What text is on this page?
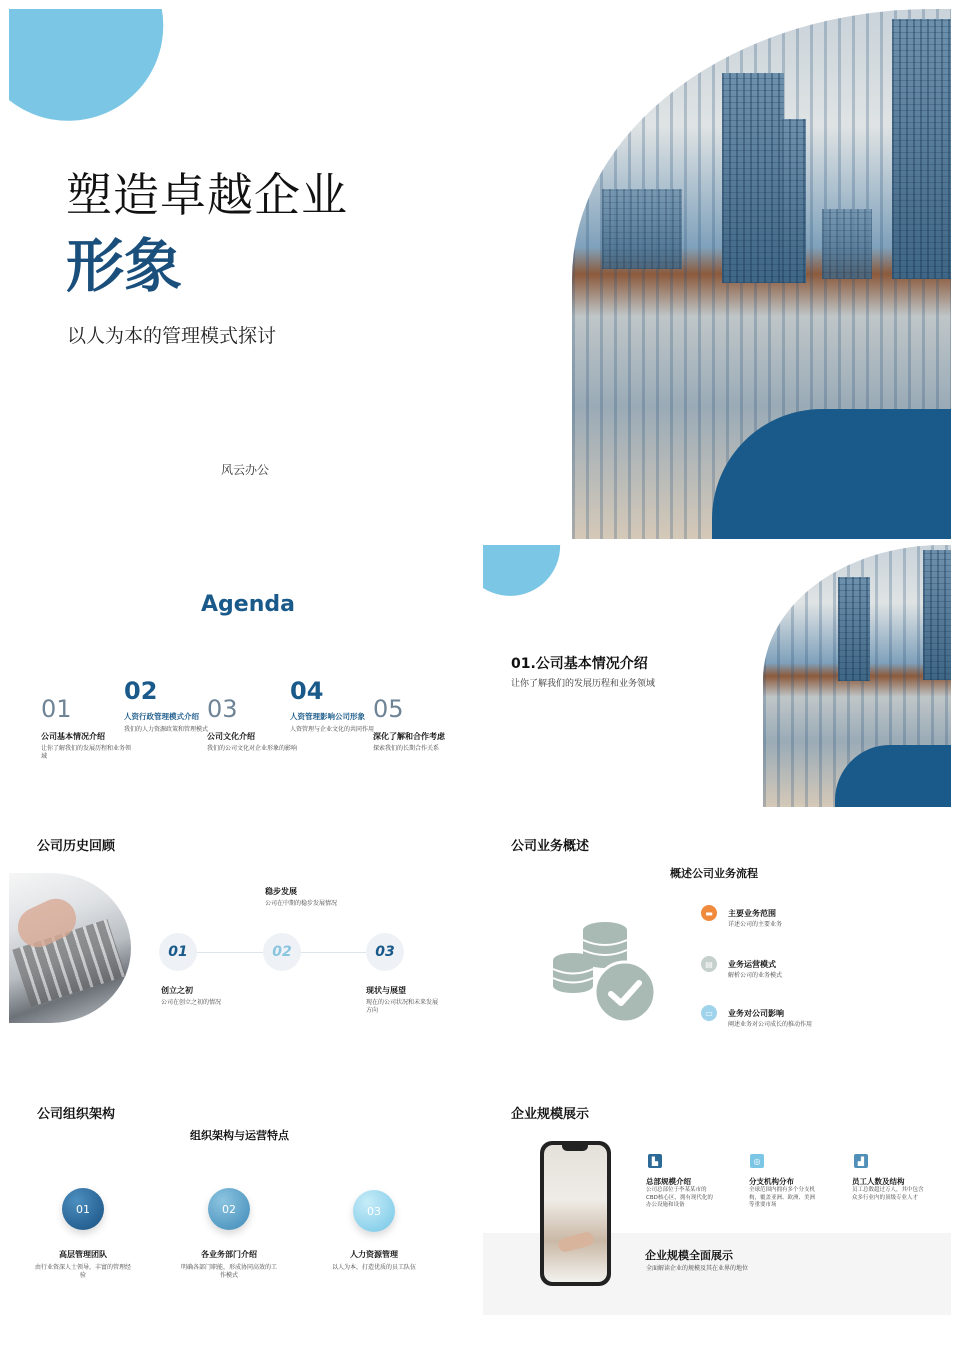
塑造卓越企业
形象
以人为本的管理模式探讨
风云办公
Agenda
01
公司基本情况介绍
让你了解我们的发展历程和业务领域
02
人资行政管理模式介绍
我们的人力资源政策和管理模式
03
公司文化介绍
我们的公司文化对企业形象的影响
04
人资管理影响公司形象
人资管理与企业文化的共同作用
05
深化了解和合作考虑
探索我们的长期合作关系
01.公司基本情况介绍
让你了解我们的发展历程和业务领域
公司历史回顾
01	02	03
稳步发展
公司在中期的稳步发展情况
创立之初
公司在创立之初的情况
现状与展望
现在的公司状况和未来发展方向
公司业务概述
概述公司业务流程
▬	主要业务范围
详述公司的主要业务
▤	业务运营模式
解析公司的业务模式
▭	业务对公司影响
阐述业务对公司成长的推动作用
公司组织架构
组织架构与运营特点
01	02	03
高层管理团队
由行业资深人士领导，丰富的管理经验
各业务部门介绍
明确各部门职能，形成协同高效的工作模式
人力资源管理
以人为本，打造优质的员工队伍
企业规模展示
企业规模全面展示
全面解读企业的规模及其在业界的地位
▙
总部规模介绍
公司总部位于李某某市的CBD核心区，拥有现代化的办公设施和设备
◎
分支机构分布
全球范围内拥有多个分支机构，覆盖亚洲、欧洲、美洲等重要市场
▟
员工人数及结构
员工总数超过万人，其中包含众多行业内的顶级专业人才
